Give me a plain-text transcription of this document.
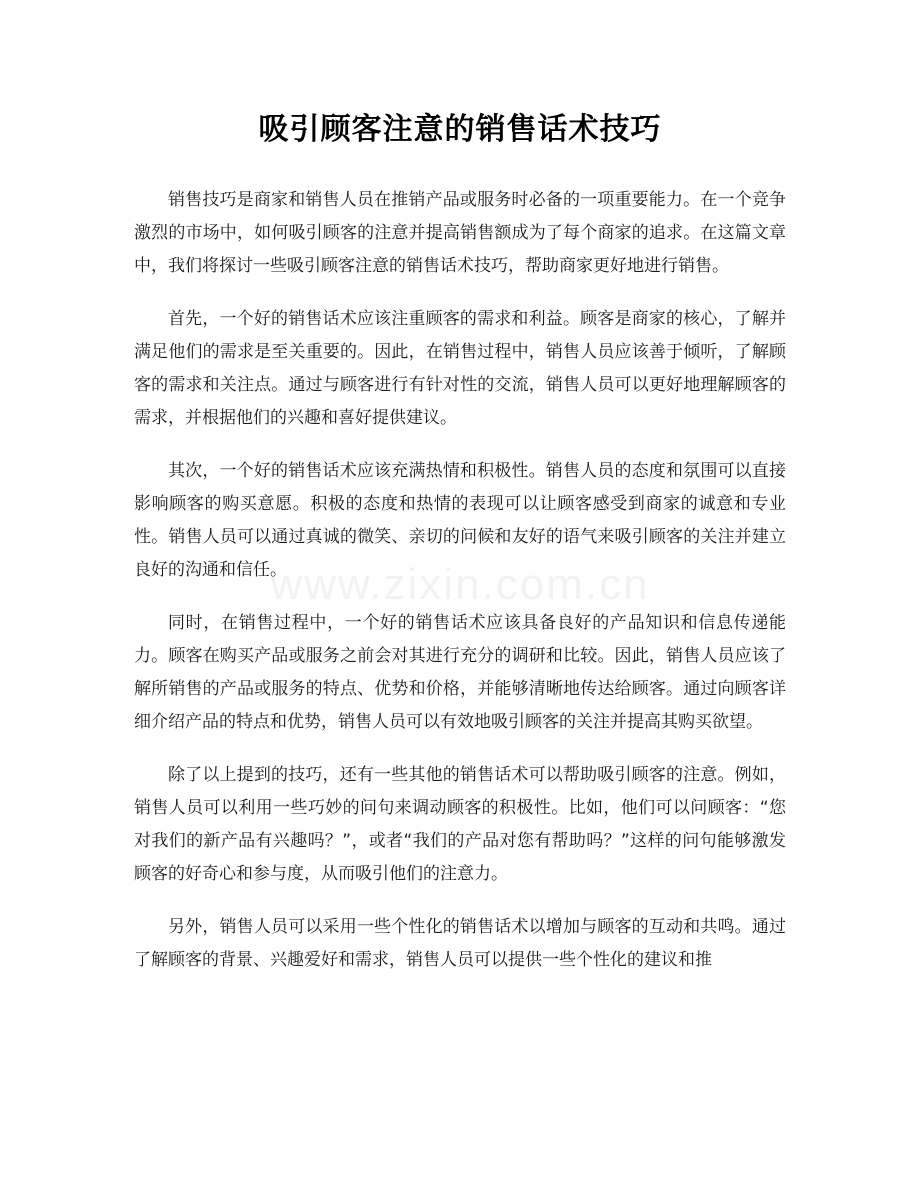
吸引顾客注意的销售话术技巧
www.zixin.com.cn

销售技巧是商家和销售人员在推销产品或服务时必备的一项重要能力。在一个竞争激烈的市场中，如何吸引顾客的注意并提高销售额成为了每个商家的追求。在这篇文章中，我们将探讨一些吸引顾客注意的销售话术技巧，帮助商家更好地进行销售。

首先，一个好的销售话术应该注重顾客的需求和利益。顾客是商家的核心，了解并满足他们的需求是至关重要的。因此，在销售过程中，销售人员应该善于倾听，了解顾客的需求和关注点。通过与顾客进行有针对性的交流，销售人员可以更好地理解顾客的需求，并根据他们的兴趣和喜好提供建议。

其次，一个好的销售话术应该充满热情和积极性。销售人员的态度和氛围可以直接影响顾客的购买意愿。积极的态度和热情的表现可以让顾客感受到商家的诚意和专业性。销售人员可以通过真诚的微笑、亲切的问候和友好的语气来吸引顾客的关注并建立良好的沟通和信任。

同时，在销售过程中，一个好的销售话术应该具备良好的产品知识和信息传递能力。顾客在购买产品或服务之前会对其进行充分的调研和比较。因此，销售人员应该了解所销售的产品或服务的特点、优势和价格，并能够清晰地传达给顾客。通过向顾客详细介绍产品的特点和优势，销售人员可以有效地吸引顾客的关注并提高其购买欲望。

除了以上提到的技巧，还有一些其他的销售话术可以帮助吸引顾客的注意。例如，销售人员可以利用一些巧妙的问句来调动顾客的积极性。比如，他们可以问顾客：“您对我们的新产品有兴趣吗？”，或者“我们的产品对您有帮助吗？”这样的问句能够激发顾客的好奇心和参与度，从而吸引他们的注意力。

另外，销售人员可以采用一些个性化的销售话术以增加与顾客的互动和共鸣。通过了解顾客的背景、兴趣爱好和需求，销售人员可以提供一些个性化的建议和推
